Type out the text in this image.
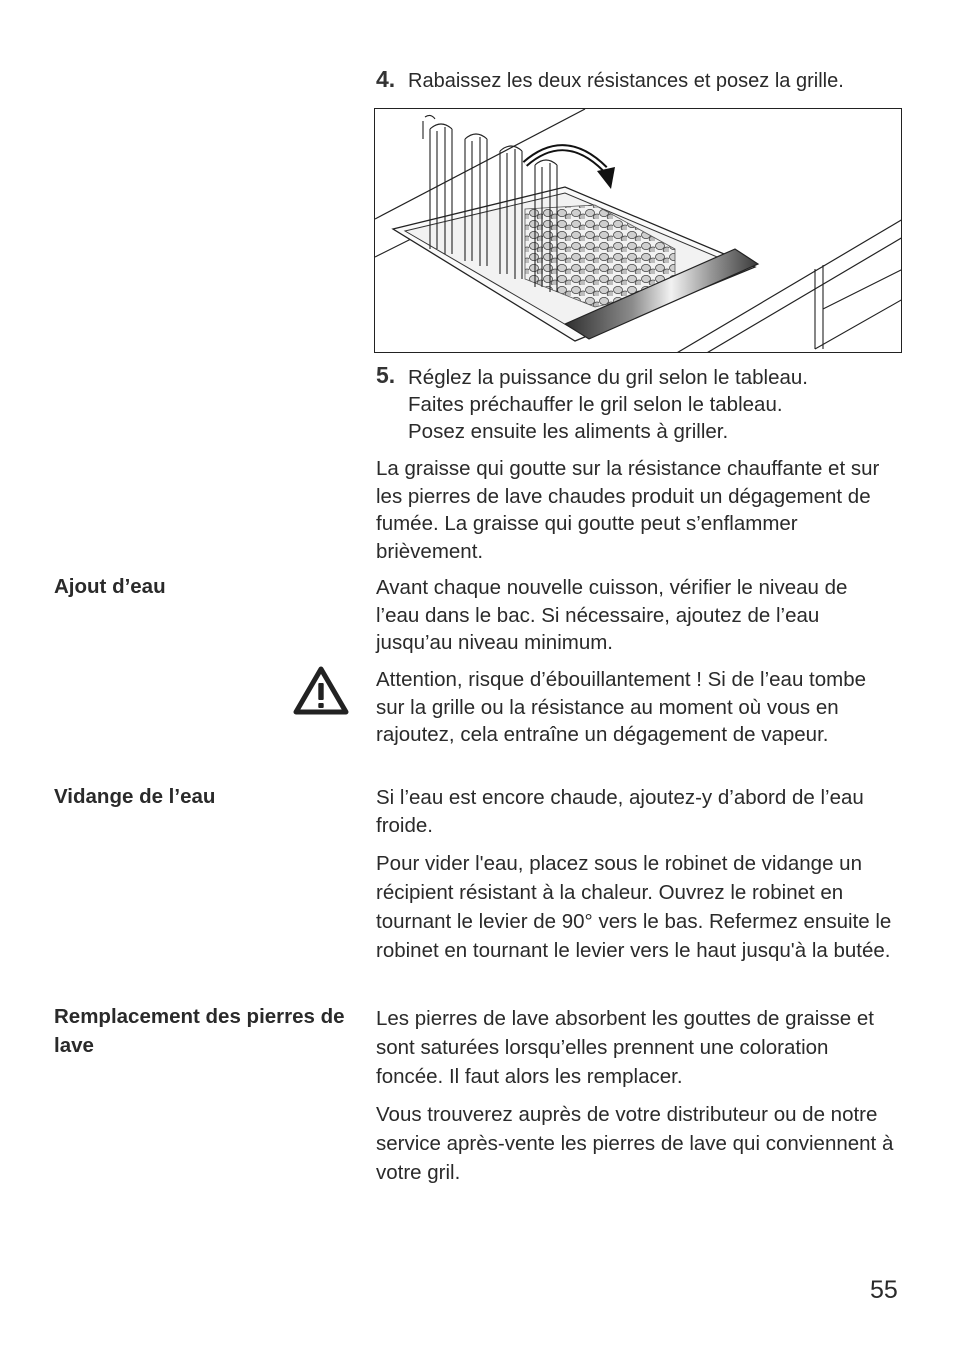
4. Rabaissez les deux résistances et posez la grille.
5. Réglez la puissance du gril selon le tableau.

Faites préchauffer le gril selon le tableau.

Posez ensuite les aliments à griller.

La graisse qui goutte sur la résistance chauffante et sur les pierres de lave chaudes produit un dégagement de fumée. La graisse qui goutte peut s’enflammer brièvement.

Ajout d’eau	Avant chaque nouvelle cuisson, vérifier le niveau de l’eau dans le bac. Si nécessaire, ajoutez de l’eau jusqu’au niveau minimum.

Attention, risque d’ébouillantement ! Si de l’eau tombe sur la grille ou la résistance au moment où vous en rajoutez, cela entraîne un dégagement de vapeur.

Vidange de l’eau	Si l’eau est encore chaude, ajoutez-y d’abord de l’eau froide.

Pour vider l'eau, placez sous le robinet de vidange un récipient résistant à la chaleur. Ouvrez le robinet en tournant le levier de 90° vers le bas. Refermez ensuite le robinet en tournant le levier vers le haut jusqu'à la butée.

Remplacement des pierres de lave

Les pierres de lave absorbent les gouttes de graisse et sont saturées lorsqu’elles prennent une coloration foncée. Il faut alors les remplacer.

Vous trouverez auprès de votre distributeur ou de notre service après-vente les pierres de lave qui conviennent à votre gril.

55
